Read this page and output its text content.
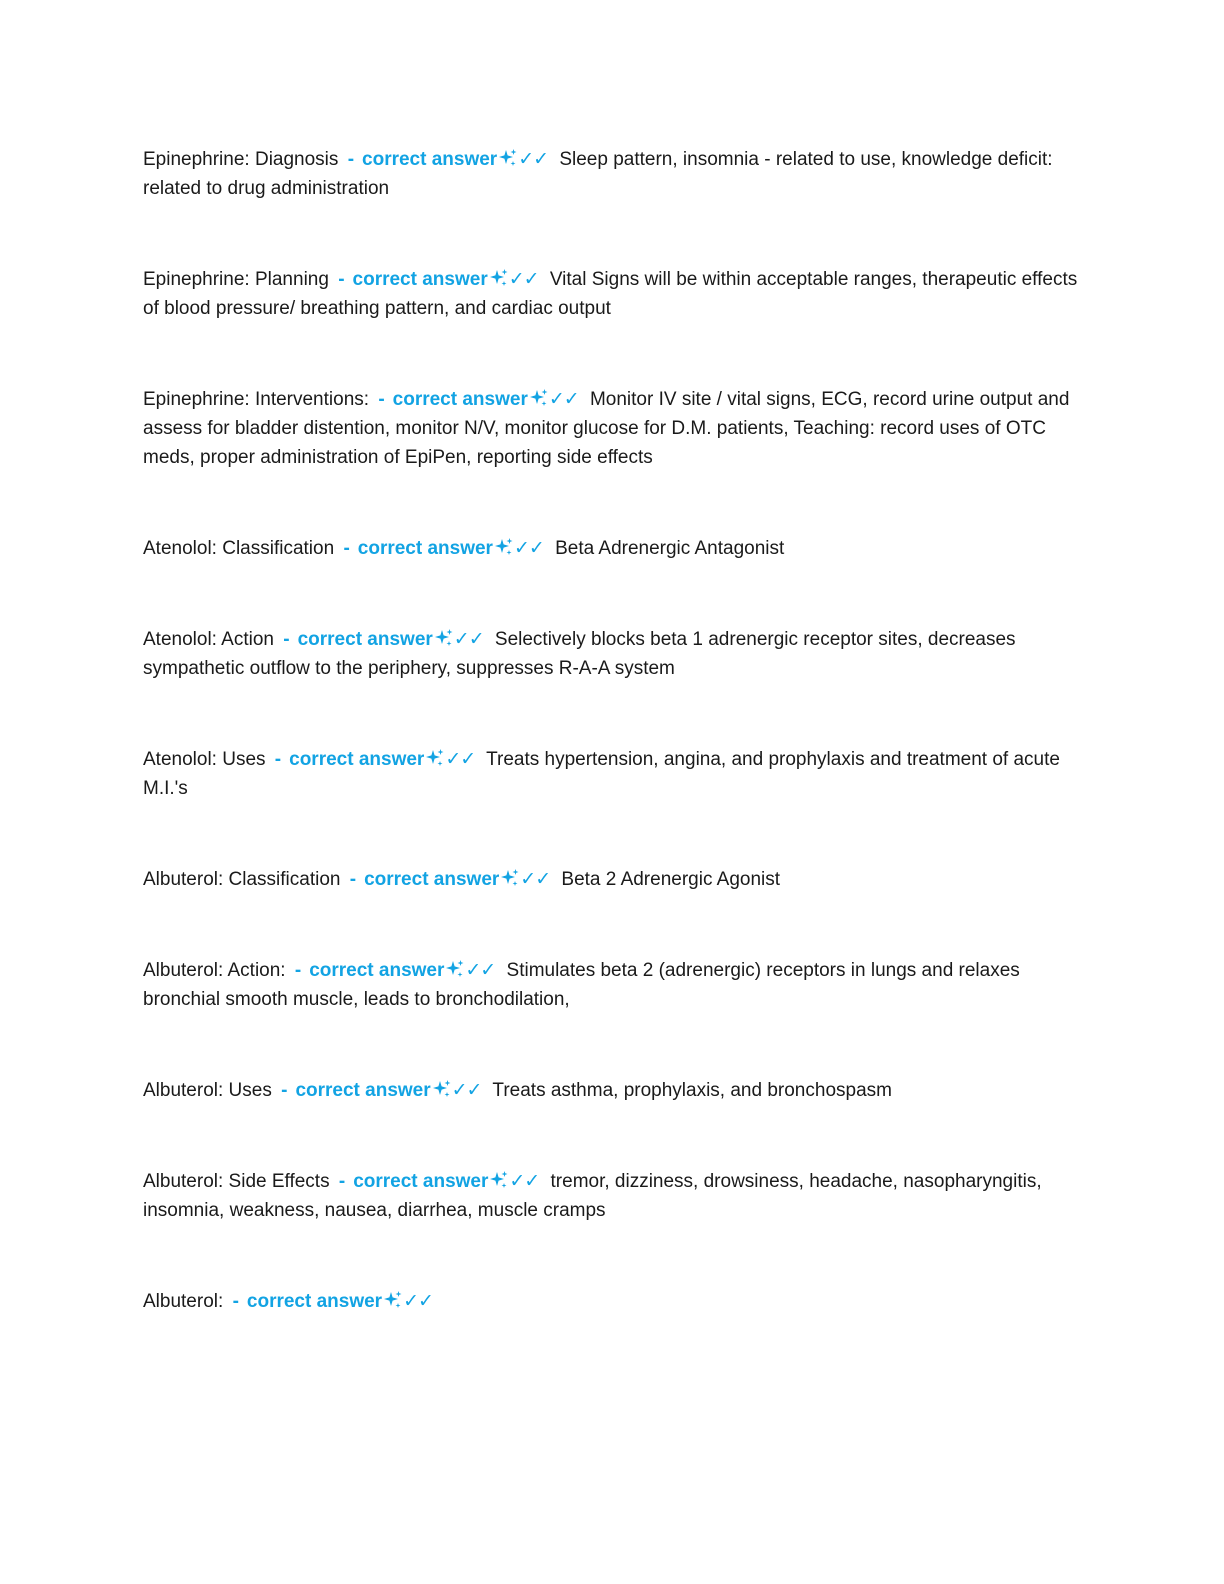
Epinephrine: Diagnosis - correct answer ✓✓ Sleep pattern, insomnia - related to use, knowledge deficit: related to drug administration

Epinephrine: Planning - correct answer ✓✓ Vital Signs will be within acceptable ranges, therapeutic effects of blood pressure/ breathing pattern, and cardiac output

Epinephrine: Interventions: - correct answer ✓✓ Monitor IV site / vital signs, ECG, record urine output and assess for bladder distention, monitor N/V, monitor glucose for D.M. patients, Teaching: record uses of OTC meds, proper administration of EpiPen, reporting side effects

Atenolol: Classification - correct answer ✓✓ Beta Adrenergic Antagonist

Atenolol: Action - correct answer ✓✓ Selectively blocks beta 1 adrenergic receptor sites, decreases sympathetic outflow to the periphery, suppresses R-A-A system

Atenolol: Uses - correct answer ✓✓ Treats hypertension, angina, and prophylaxis and treatment of acute M.I.'s

Albuterol: Classification - correct answer ✓✓ Beta 2 Adrenergic Agonist

Albuterol: Action: - correct answer ✓✓ Stimulates beta 2 (adrenergic) receptors in lungs and relaxes bronchial smooth muscle, leads to bronchodilation,

Albuterol: Uses - correct answer ✓✓ Treats asthma, prophylaxis, and bronchospasm

Albuterol: Side Effects - correct answer ✓✓ tremor, dizziness, drowsiness, headache, nasopharyngitis, insomnia, weakness, nausea, diarrhea, muscle cramps

Albuterol: - correct answer ✓✓
